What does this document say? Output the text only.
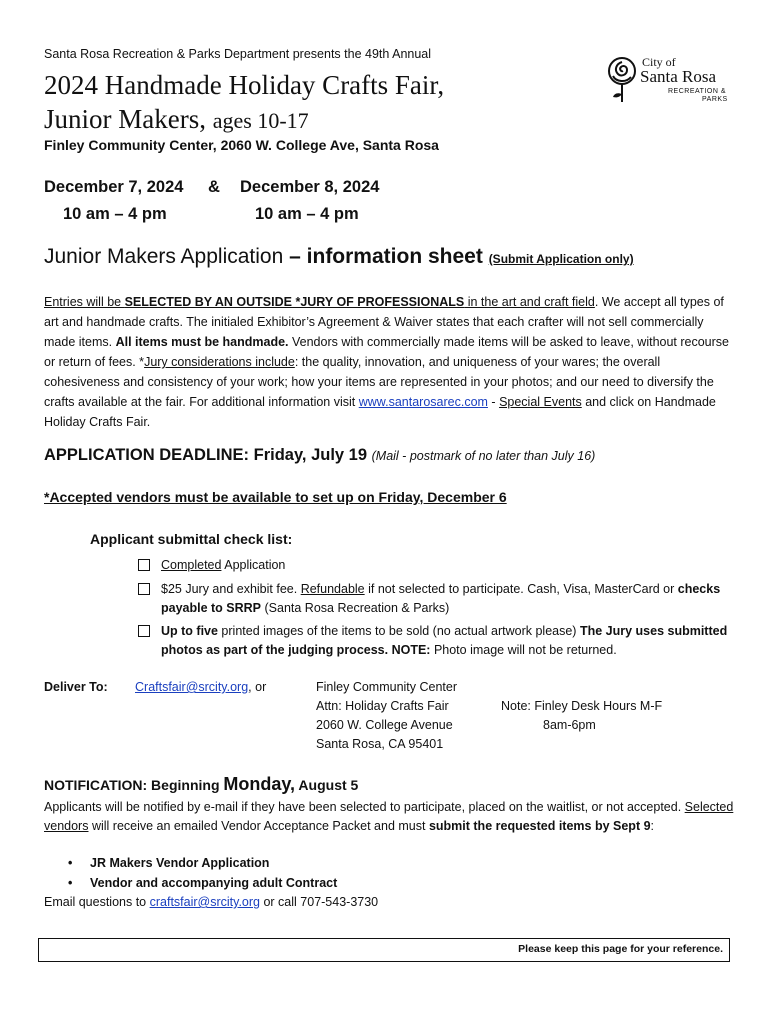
Santa Rosa Recreation & Parks Department presents the 49th Annual
2024 Handmade Holiday Crafts Fair,
Junior Makers, ages 10-17
Finley Community Center, 2060 W. College Ave, Santa Rosa
City of
Santa Rosa
RECREATION &
PARKS
December 7, 2024 & December 8, 2024
10 am – 4 pm	10 am – 4 pm
Junior Makers Application – information sheet (Submit Application only)
Entries will be SELECTED BY AN OUTSIDE *JURY OF PROFESSIONALS in the art and craft field. We accept all types of art and handmade crafts. The initialed Exhibitor’s Agreement & Waiver states that each crafter will not sell commercially made items. All items must be handmade. Vendors with commercially made items will be asked to leave, without recourse or return of fees. *Jury considerations include: the quality, innovation, and uniqueness of your wares; the overall cohesiveness and consistency of your work; how your items are represented in your photos; and our need to diversify the crafts available at the fair. For additional information visit www.santarosarec.com - Special Events and click on Handmade Holiday Crafts Fair.
APPLICATION DEADLINE: Friday, July 19 (Mail - postmark of no later than July 16)
*Accepted vendors must be available to set up on Friday, December 6
Applicant submittal check list:
Completed Application
$25 Jury and exhibit fee. Refundable if not selected to participate. Cash, Visa, MasterCard or checks payable to SRRP (Santa Rosa Recreation & Parks)
Up to five printed images of the items to be sold (no actual artwork please) The Jury uses submitted photos as part of the judging process. NOTE: Photo image will not be returned.
Deliver To: Craftsfair@srcity.org, or	Finley Community Center
Attn: Holiday Crafts Fair
2060 W. College Avenue
Santa Rosa, CA 95401
Note: Finley Desk Hours M-F
8am-6pm
NOTIFICATION: Beginning Monday, August 5
Applicants will be notified by e-mail if they have been selected to participate, placed on the waitlist, or not accepted. Selected vendors will receive an emailed Vendor Acceptance Packet and must submit the requested items by Sept 9:
• JR Makers Vendor Application
• Vendor and accompanying adult Contract
Email questions to craftsfair@srcity.org or call 707-543-3730
Please keep this page for your reference.
